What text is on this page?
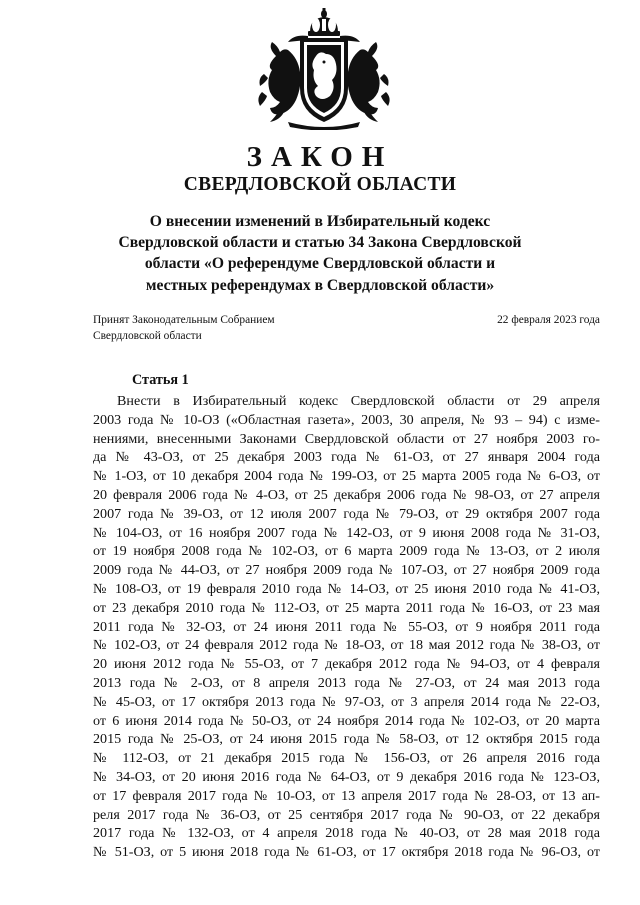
ЗАКОН
СВЕРДЛОВСКОЙ ОБЛАСТИ
О внесении изменений в Избирательный кодекс
Свердловской области и статью 34 Закона Свердловской
области «О референдуме Свердловской области и
местных референдумах в Свердловской области»
Принят Законодательным Собранием
Свердловской области
22 февраля 2023 года
Статья 1
Внести в Избирательный кодекс Свердловской области от 29 апреля
2003 года № 10-ОЗ («Областная газета», 2003, 30 апреля, № 93 – 94) с изме-
нениями, внесенными Законами Свердловской области от 27 ноября 2003 го-
да № 43-ОЗ, от 25 декабря 2003 года № 61-ОЗ, от 27 января 2004 года
№ 1-ОЗ, от 10 декабря 2004 года № 199-ОЗ, от 25 марта 2005 года № 6-ОЗ, от
20 февраля 2006 года № 4-ОЗ, от 25 декабря 2006 года № 98-ОЗ, от 27 апреля
2007 года № 39-ОЗ, от 12 июля 2007 года № 79-ОЗ, от 29 октября 2007 года
№ 104-ОЗ, от 16 ноября 2007 года № 142-ОЗ, от 9 июня 2008 года № 31-ОЗ,
от 19 ноября 2008 года № 102-ОЗ, от 6 марта 2009 года № 13-ОЗ, от 2 июля
2009 года № 44-ОЗ, от 27 ноября 2009 года № 107-ОЗ, от 27 ноября 2009 года
№ 108-ОЗ, от 19 февраля 2010 года № 14-ОЗ, от 25 июня 2010 года № 41-ОЗ,
от 23 декабря 2010 года № 112-ОЗ, от 25 марта 2011 года № 16-ОЗ, от 23 мая
2011 года № 32-ОЗ, от 24 июня 2011 года № 55-ОЗ, от 9 ноября 2011 года
№ 102-ОЗ, от 24 февраля 2012 года № 18-ОЗ, от 18 мая 2012 года № 38-ОЗ, от
20 июня 2012 года № 55-ОЗ, от 7 декабря 2012 года № 94-ОЗ, от 4 февраля
2013 года № 2-ОЗ, от 8 апреля 2013 года № 27-ОЗ, от 24 мая 2013 года
№ 45-ОЗ, от 17 октября 2013 года № 97-ОЗ, от 3 апреля 2014 года № 22-ОЗ,
от 6 июня 2014 года № 50-ОЗ, от 24 ноября 2014 года № 102-ОЗ, от 20 марта
2015 года № 25-ОЗ, от 24 июня 2015 года № 58-ОЗ, от 12 октября 2015 года
№ 112-ОЗ, от 21 декабря 2015 года № 156-ОЗ, от 26 апреля 2016 года
№ 34-ОЗ, от 20 июня 2016 года № 64-ОЗ, от 9 декабря 2016 года № 123-ОЗ,
от 17 февраля 2017 года № 10-ОЗ, от 13 апреля 2017 года № 28-ОЗ, от 13 ап-
реля 2017 года № 36-ОЗ, от 25 сентября 2017 года № 90-ОЗ, от 22 декабря
2017 года № 132-ОЗ, от 4 апреля 2018 года № 40-ОЗ, от 28 мая 2018 года
№ 51-ОЗ, от 5 июня 2018 года № 61-ОЗ, от 17 октября 2018 года № 96-ОЗ, от
